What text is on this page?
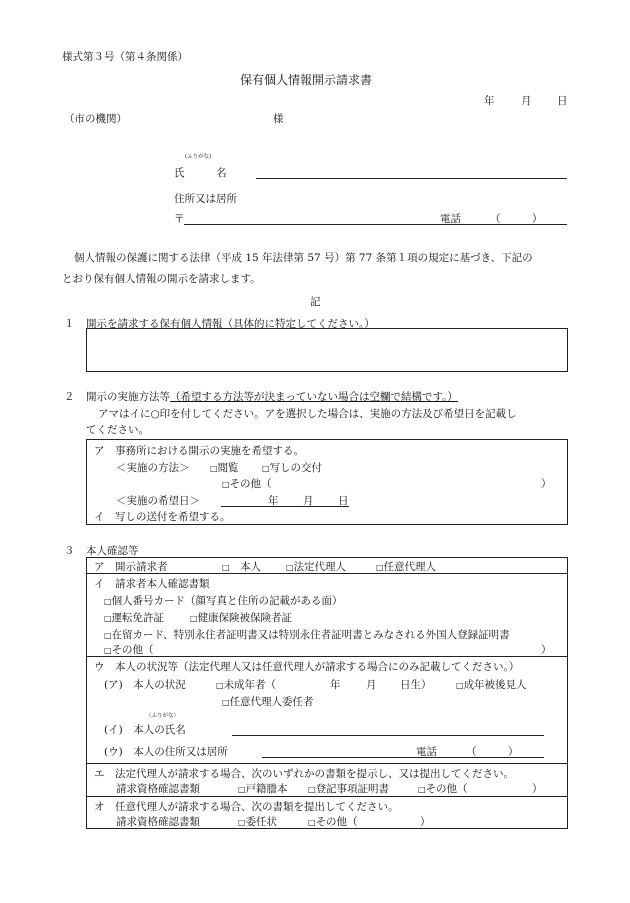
様式第３号（第４条関係）
保有個人情報開示請求書
年	月 日
（市の機関）	様
(ふりがな)
氏　　　名
住所又は居所
〒	電話	（　　　）
個人情報の保護に関する法律（平成 15 年法律第 57 号）第 77 条第１項の規定に基づき、下記の
とおり保有個人情報の開示を請求します。
記
１ 開示を請求する保有個人情報（具体的に特定してください。）
２ 開示の実施方法等（希望する方法等が決まっていない場合は空欄で結構です。）
アマはイに○印を付してください。アを選択した場合は、実施の方法及び希望日を記載し
てください。
ア　事務所における開示の実施を希望する。
＜実施の方法＞	□閲覧	□写しの交付
□その他（	）
＜実施の希望日＞	年 月 日
イ　写しの送付を希望する。
３ 本人確認等
ア　開示請求者	□　 本人	□法定代理人	□任意代理人
イ　請求者本人確認書類
□個人番号カード（顔写真と住所の記載がある面）
□運転免許証	□健康保険被保険者証
□在留カード、特別永住者証明書又は特別永住者証明書とみなされる外国人登録証明書
□その他（	）
ウ　本人の状況等（法定代理人又は任意代理人が請求する場合にのみ記載してください。）
(ア)　本人の状況	□未成年者（	年 月 日生）	□成年被後見人
□任意代理人委任者
（ふりがな）
(イ)　本人の氏名
(ウ)　本人の住所又は居所	電話	（　　　）
エ　法定代理人が請求する場合、次のいずれかの書類を提示し、又は提出してください。
請求資格確認書類	□戸籍謄本	□登記事項証明書	□その他（	）
オ　任意代理人が請求する場合、次の書類を提出してください。
請求資格確認書類	□委任状	□その他（	）
